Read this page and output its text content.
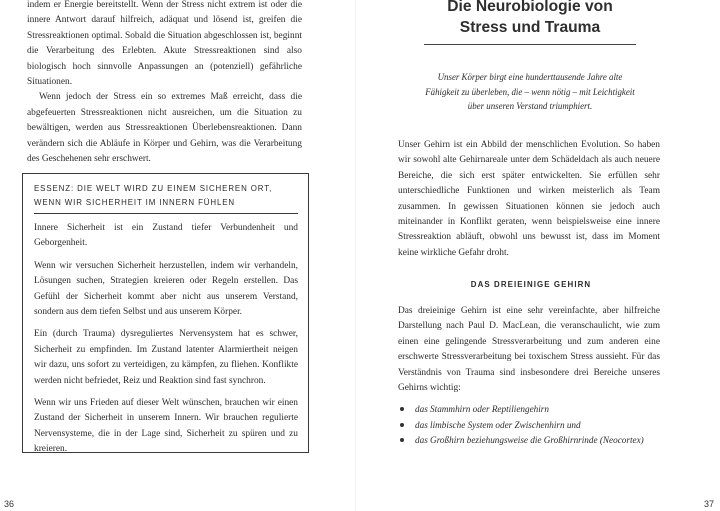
indem er Energie bereitstellt. Wenn der Stress nicht extrem ist oder die innere Antwort darauf hilfreich, adäquat und lösend ist, greifen die Stressreaktionen optimal. Sobald die Situation abgeschlossen ist, beginnt die Verarbeitung des Erlebten. Akute Stressreaktionen sind also biologisch hoch sinnvolle Anpassungen an (potenziell) gefährliche Situationen.

Wenn jedoch der Stress ein so extremes Maß erreicht, dass die abgefeuerten Stressreaktionen nicht ausreichen, um die Situation zu bewältigen, werden aus Stressreaktionen Überlebensreaktionen. Dann verändern sich die Abläufe in Körper und Gehirn, was die Verarbeitung des Geschehenen sehr erschwert.

ESSENZ: DIE WELT WIRD ZU EINEM SICHEREN ORT,
WENN WIR SICHERHEIT IM INNERN FÜHLEN

Innere Sicherheit ist ein Zustand tiefer Verbundenheit und Geborgenheit.

Wenn wir versuchen Sicherheit herzustellen, indem wir verhandeln, Lösungen suchen, Strategien kreieren oder Regeln erstellen. Das Gefühl der Sicherheit kommt aber nicht aus unserem Verstand, sondern aus dem tiefen Selbst und aus unserem Körper.

Ein (durch Trauma) dysreguliertes Nervensystem hat es schwer, Sicherheit zu empfinden. Im Zustand latenter Alarmiertheit neigen wir dazu, uns sofort zu verteidigen, zu kämpfen, zu fliehen. Konflikte werden nicht befriedet, Reiz und Reaktion sind fast synchron.

Wenn wir uns Frieden auf dieser Welt wünschen, brauchen wir einen Zustand der Sicherheit in unserem Innern. Wir brauchen regulierte Nervensysteme, die in der Lage sind, Sicherheit zu spüren und zu kreieren.

36
Die Neurobiologie von
Stress und Trauma

Unser Körper birgt eine hunderttausende Jahre alte
Fähigkeit zu überleben, die – wenn nötig – mit Leichtigkeit
über unseren Verstand triumphiert.

Unser Gehirn ist ein Abbild der menschlichen Evolution. So haben wir sowohl alte Gehirnareale unter dem Schädeldach als auch neuere Bereiche, die sich erst später entwickelten. Sie erfüllen sehr unterschiedliche Funktionen und wirken meisterlich als Team zusammen. In gewissen Situationen können sie jedoch auch miteinander in Konflikt geraten, wenn beispielsweise eine innere Stressreaktion abläuft, obwohl uns bewusst ist, dass im Moment keine wirkliche Gefahr droht.

DAS DREIEINIGE GEHIRN

Das dreieinige Gehirn ist eine sehr vereinfachte, aber hilfreiche Darstellung nach Paul D. MacLean, die veranschaulicht, wie zum einen eine gelingende Stressverarbeitung und zum anderen eine erschwerte Stressverarbeitung bei toxischem Stress aussieht. Für das Verständnis von Trauma sind insbesondere drei Bereiche unseres Gehirns wichtig:

das Stammhirn oder Reptiliengehirn
das limbische System oder Zwischenhirn und
das Großhirn beziehungsweise die Großhirnrinde (Neocortex)
37
